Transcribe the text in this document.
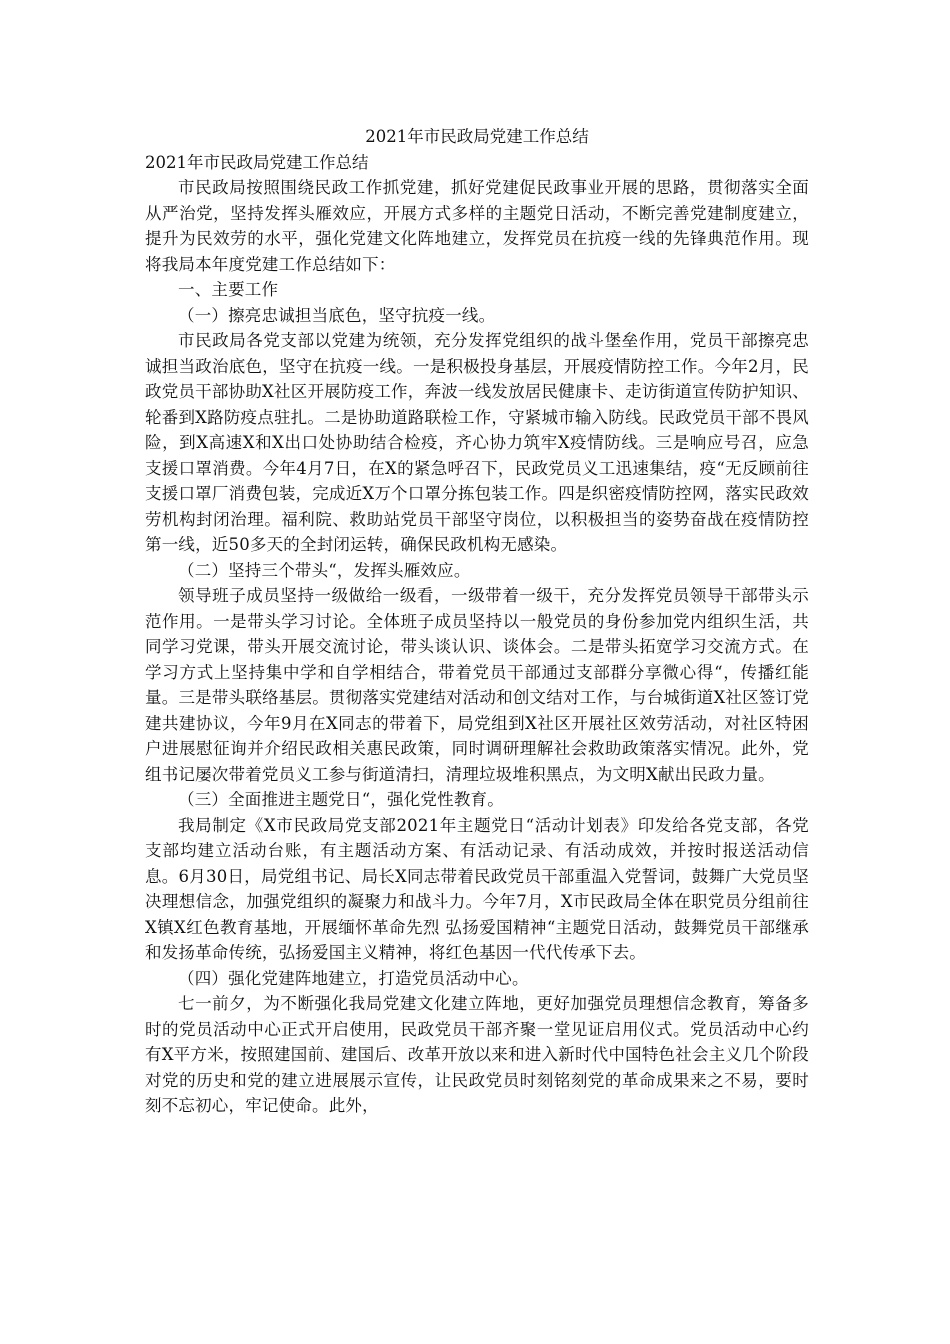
2021年市民政局党建工作总结
2021年市民政局党建工作总结

市民政局按照围绕民政工作抓党建，抓好党建促民政事业开展的思路，贯彻落实全面从严治党，坚持发挥头雁效应，开展方式多样的主题党日活动，不断完善党建制度建立，提升为民效劳的水平，强化党建文化阵地建立，发挥党员在抗疫一线的先锋典范作用。现将我局本年度党建工作总结如下：

一、主要工作

（一）擦亮忠诚担当底色，坚守抗疫一线。

市民政局各党支部以党建为统领，充分发挥党组织的战斗堡垒作用，党员干部擦亮忠诚担当政治底色，坚守在抗疫一线。一是积极投身基层，开展疫情防控工作。今年2月，民政党员干部协助X社区开展防疫工作，奔波一线发放居民健康卡、走访街道宣传防护知识、轮番到X路防疫点驻扎。二是协助道路联检工作，守紧城市输入防线。民政党员干部不畏风险，到X高速X和X出口处协助结合检疫，齐心协力筑牢X疫情防线。三是响应号召，应急支援口罩消费。今年4月7日，在X的紧急呼召下，民政党员义工迅速集结，疫“无反顾前往支援口罩厂消费包装，完成近X万个口罩分拣包装工作。四是织密疫情防控网，落实民政效劳机构封闭治理。福利院、救助站党员干部坚守岗位，以积极担当的姿势奋战在疫情防控第一线，近50多天的全封闭运转，确保民政机构无感染。

（二）坚持三个带头“，发挥头雁效应。

领导班子成员坚持一级做给一级看，一级带着一级干，充分发挥党员领导干部带头示范作用。一是带头学习讨论。全体班子成员坚持以一般党员的身份参加党内组织生活，共同学习党课，带头开展交流讨论，带头谈认识、谈体会。二是带头拓宽学习交流方式。在学习方式上坚持集中学和自学相结合，带着党员干部通过支部群分享微心得“，传播红能量。三是带头联络基层。贯彻落实党建结对活动和创文结对工作，与台城街道X社区签订党建共建协议，今年9月在X同志的带着下，局党组到X社区开展社区效劳活动，对社区特困户进展慰征询并介绍民政相关惠民政策，同时调研理解社会救助政策落实情况。此外，党组书记屡次带着党员义工参与街道清扫，清理垃圾堆积黑点，为文明X献出民政力量。

（三）全面推进主题党日“，强化党性教育。

我局制定《X市民政局党支部2021年主题党日“活动计划表》印发给各党支部，各党支部均建立活动台账，有主题活动方案、有活动记录、有活动成效，并按时报送活动信息。6月30日，局党组书记、局长X同志带着民政党员干部重温入党誓词，鼓舞广大党员坚决理想信念，加强党组织的凝聚力和战斗力。今年7月，X市民政局全体在职党员分组前往X镇X红色教育基地，开展缅怀革命先烈 弘扬爱国精神“主题党日活动，鼓舞党员干部继承和发扬革命传统，弘扬爱国主义精神，将红色基因一代代传承下去。

（四）强化党建阵地建立，打造党员活动中心。

七一前夕，为不断强化我局党建文化建立阵地，更好加强党员理想信念教育，筹备多时的党员活动中心正式开启使用，民政党员干部齐聚一堂见证启用仪式。党员活动中心约有X平方米，按照建国前、建国后、改革开放以来和进入新时代中国特色社会主义几个阶段对党的历史和党的建立进展展示宣传，让民政党员时刻铭刻党的革命成果来之不易，要时刻不忘初心，牢记使命。此外，
